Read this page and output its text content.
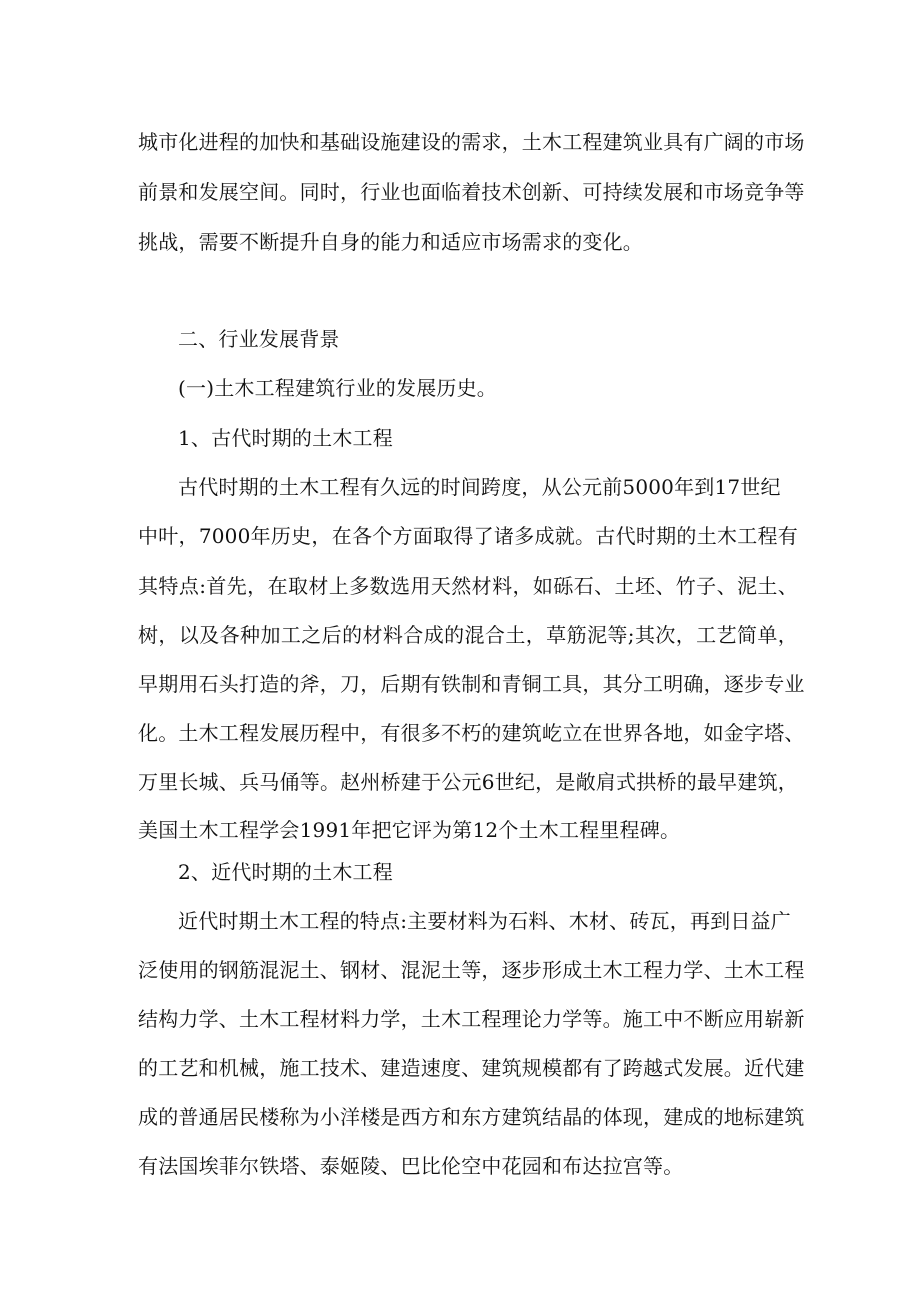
城市化进程的加快和基础设施建设的需求，土木工程建筑业具有广阔的市场
前景和发展空间。同时，行业也面临着技术创新、可持续发展和市场竞争等
挑战，需要不断提升自身的能力和适应市场需求的变化。
二、行业发展背景
(一)土木工程建筑行业的发展历史。
1、古代时期的土木工程
古代时期的土木工程有久远的时间跨度，从公元前5000年到17世纪
中叶，7000年历史，在各个方面取得了诸多成就。古代时期的土木工程有
其特点:首先，在取材上多数选用天然材料，如砾石、土坯、竹子、泥土、
树，以及各种加工之后的材料合成的混合土，草筋泥等;其次，工艺简单，
早期用石头打造的斧，刀，后期有铁制和青铜工具，其分工明确，逐步专业
化。土木工程发展历程中，有很多不朽的建筑屹立在世界各地，如金字塔、
万里长城、兵马俑等。赵州桥建于公元6世纪，是敞肩式拱桥的最早建筑，
美国土木工程学会1991年把它评为第12个土木工程里程碑。
2、近代时期的土木工程
近代时期土木工程的特点:主要材料为石料、木材、砖瓦，再到日益广
泛使用的钢筋混泥土、钢材、混泥土等，逐步形成土木工程力学、土木工程
结构力学、土木工程材料力学，土木工程理论力学等。施工中不断应用崭新
的工艺和机械，施工技术、建造速度、建筑规模都有了跨越式发展。近代建
成的普通居民楼称为小洋楼是西方和东方建筑结晶的体现，建成的地标建筑
有法国埃菲尔铁塔、泰姬陵、巴比伦空中花园和布达拉宫等。
